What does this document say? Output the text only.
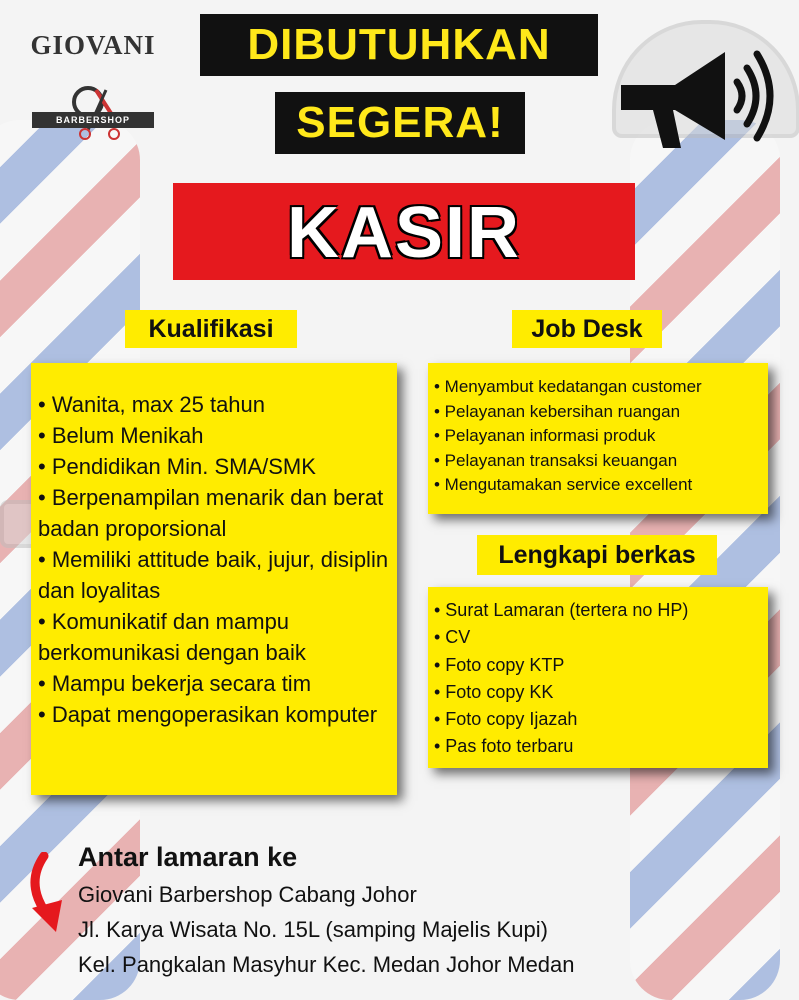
GIOVANI
BARBERSHOP
DIBUTUHKAN
SEGERA!
KASIR
Kualifikasi
• Wanita, max 25 tahun
• Belum Menikah
• Pendidikan Min. SMA/SMK
• Berpenampilan menarik dan berat badan proporsional
• Memiliki attitude baik, jujur, disiplin dan loyalitas
• Komunikatif dan mampu berkomunikasi dengan baik
• Mampu bekerja secara tim
• Dapat mengoperasikan komputer
Job Desk
• Menyambut kedatangan customer
• Pelayanan kebersihan ruangan
• Pelayanan informasi produk
• Pelayanan transaksi keuangan
• Mengutamakan service excellent
Lengkapi berkas
• Surat Lamaran (tertera no HP)
• CV
• Foto copy KTP
• Foto copy KK
• Foto copy Ijazah
• Pas foto terbaru
Antar lamaran ke
Giovani Barbershop Cabang Johor
Jl. Karya Wisata No. 15L (samping Majelis Kupi)
Kel. Pangkalan Masyhur Kec. Medan Johor Medan
